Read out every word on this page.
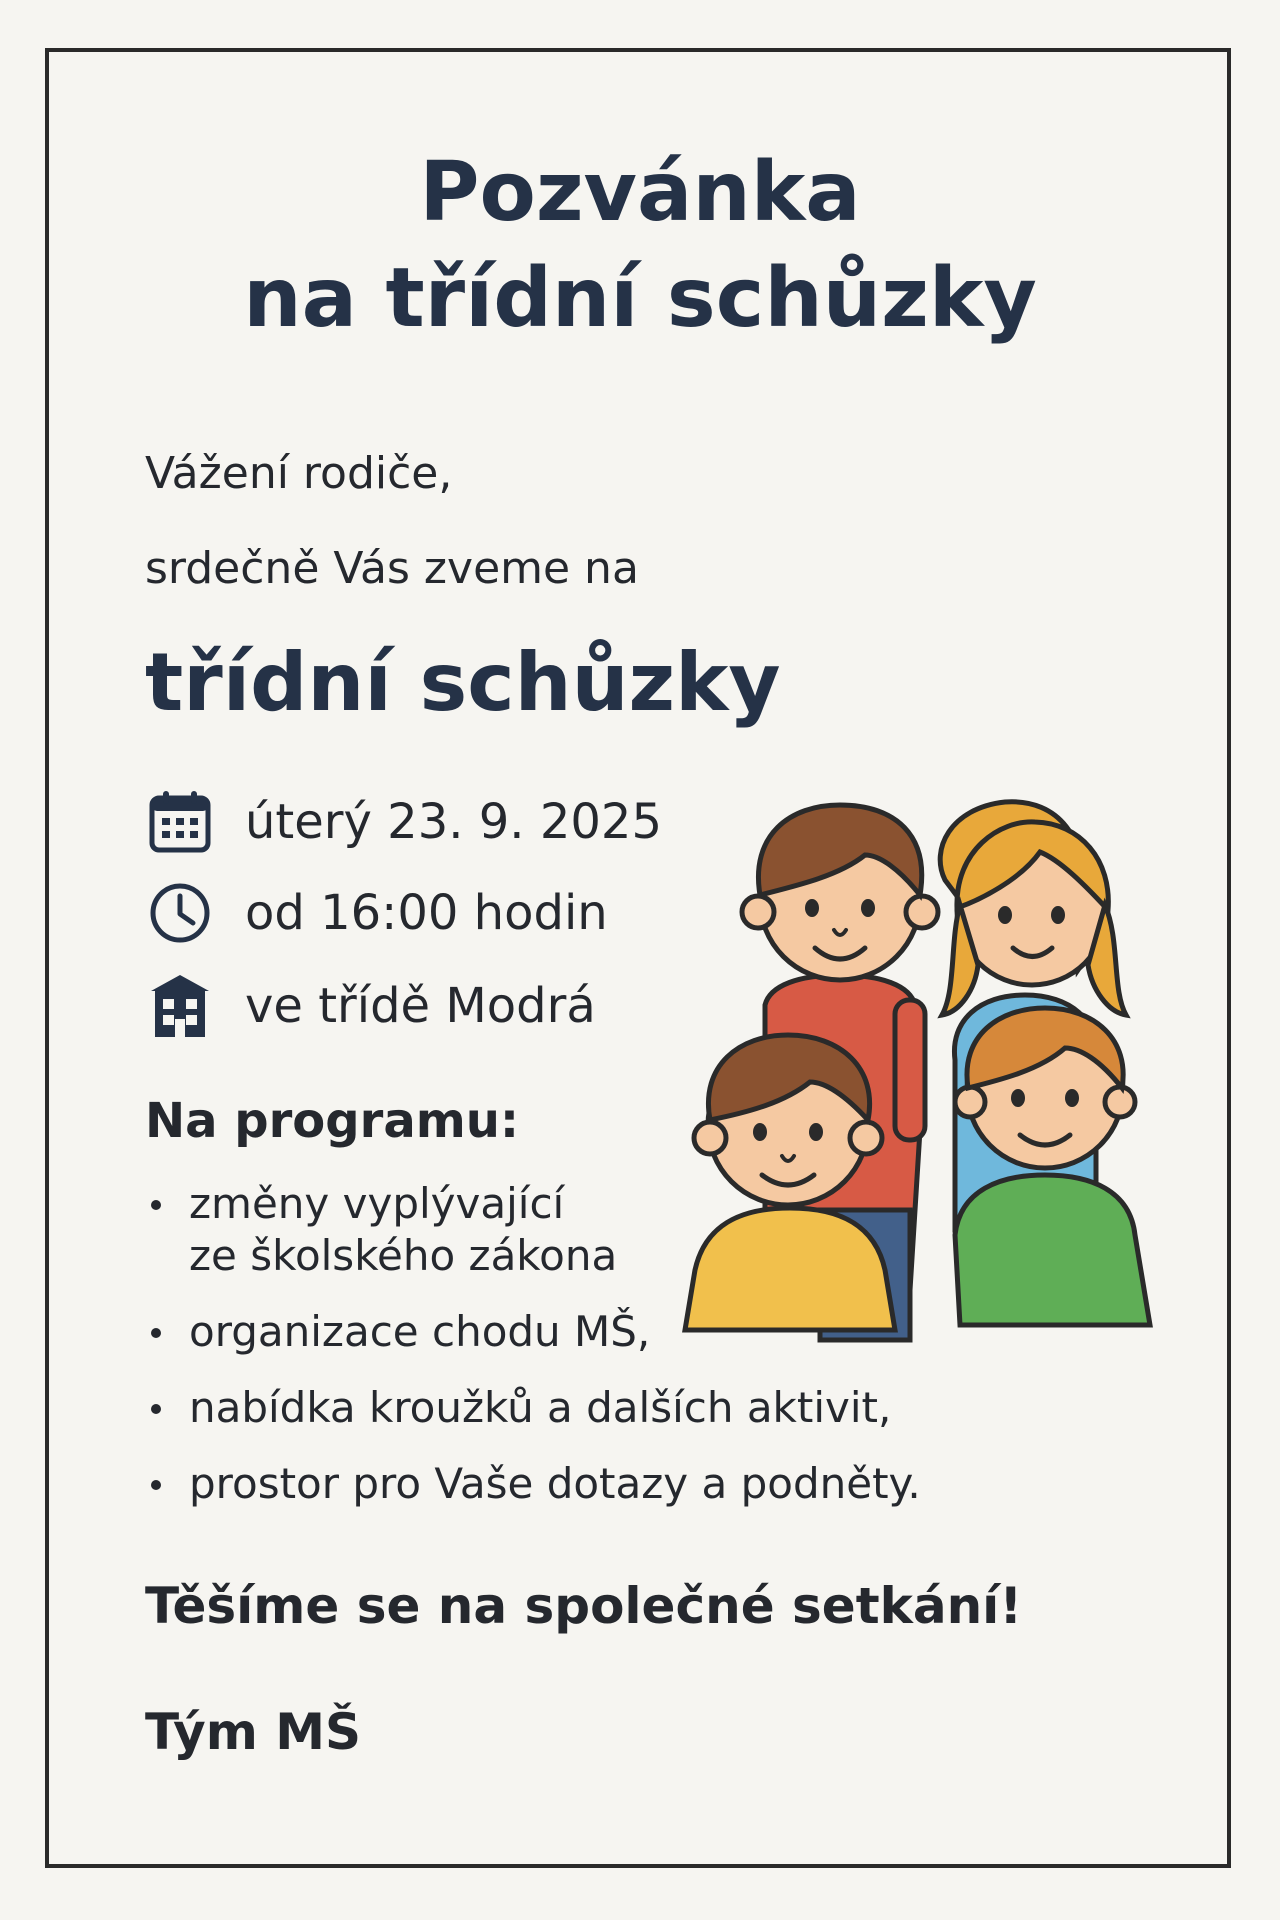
Pozvánka
na třídní schůzky
Vážení rodiče,
srdečně Vás zveme na
třídní schůzky
úterý 23. 9. 2025
od 16:00 hodin
ve třídě Modrá
Na programu:
změny vyplývající
ze školského zákona
organizace chodu MŠ,
nabídka kroužků a dalších aktivit,
prostor pro Vaše dotazy a podněty.
Těšíme se na společné setkání!
Tým MŠ
